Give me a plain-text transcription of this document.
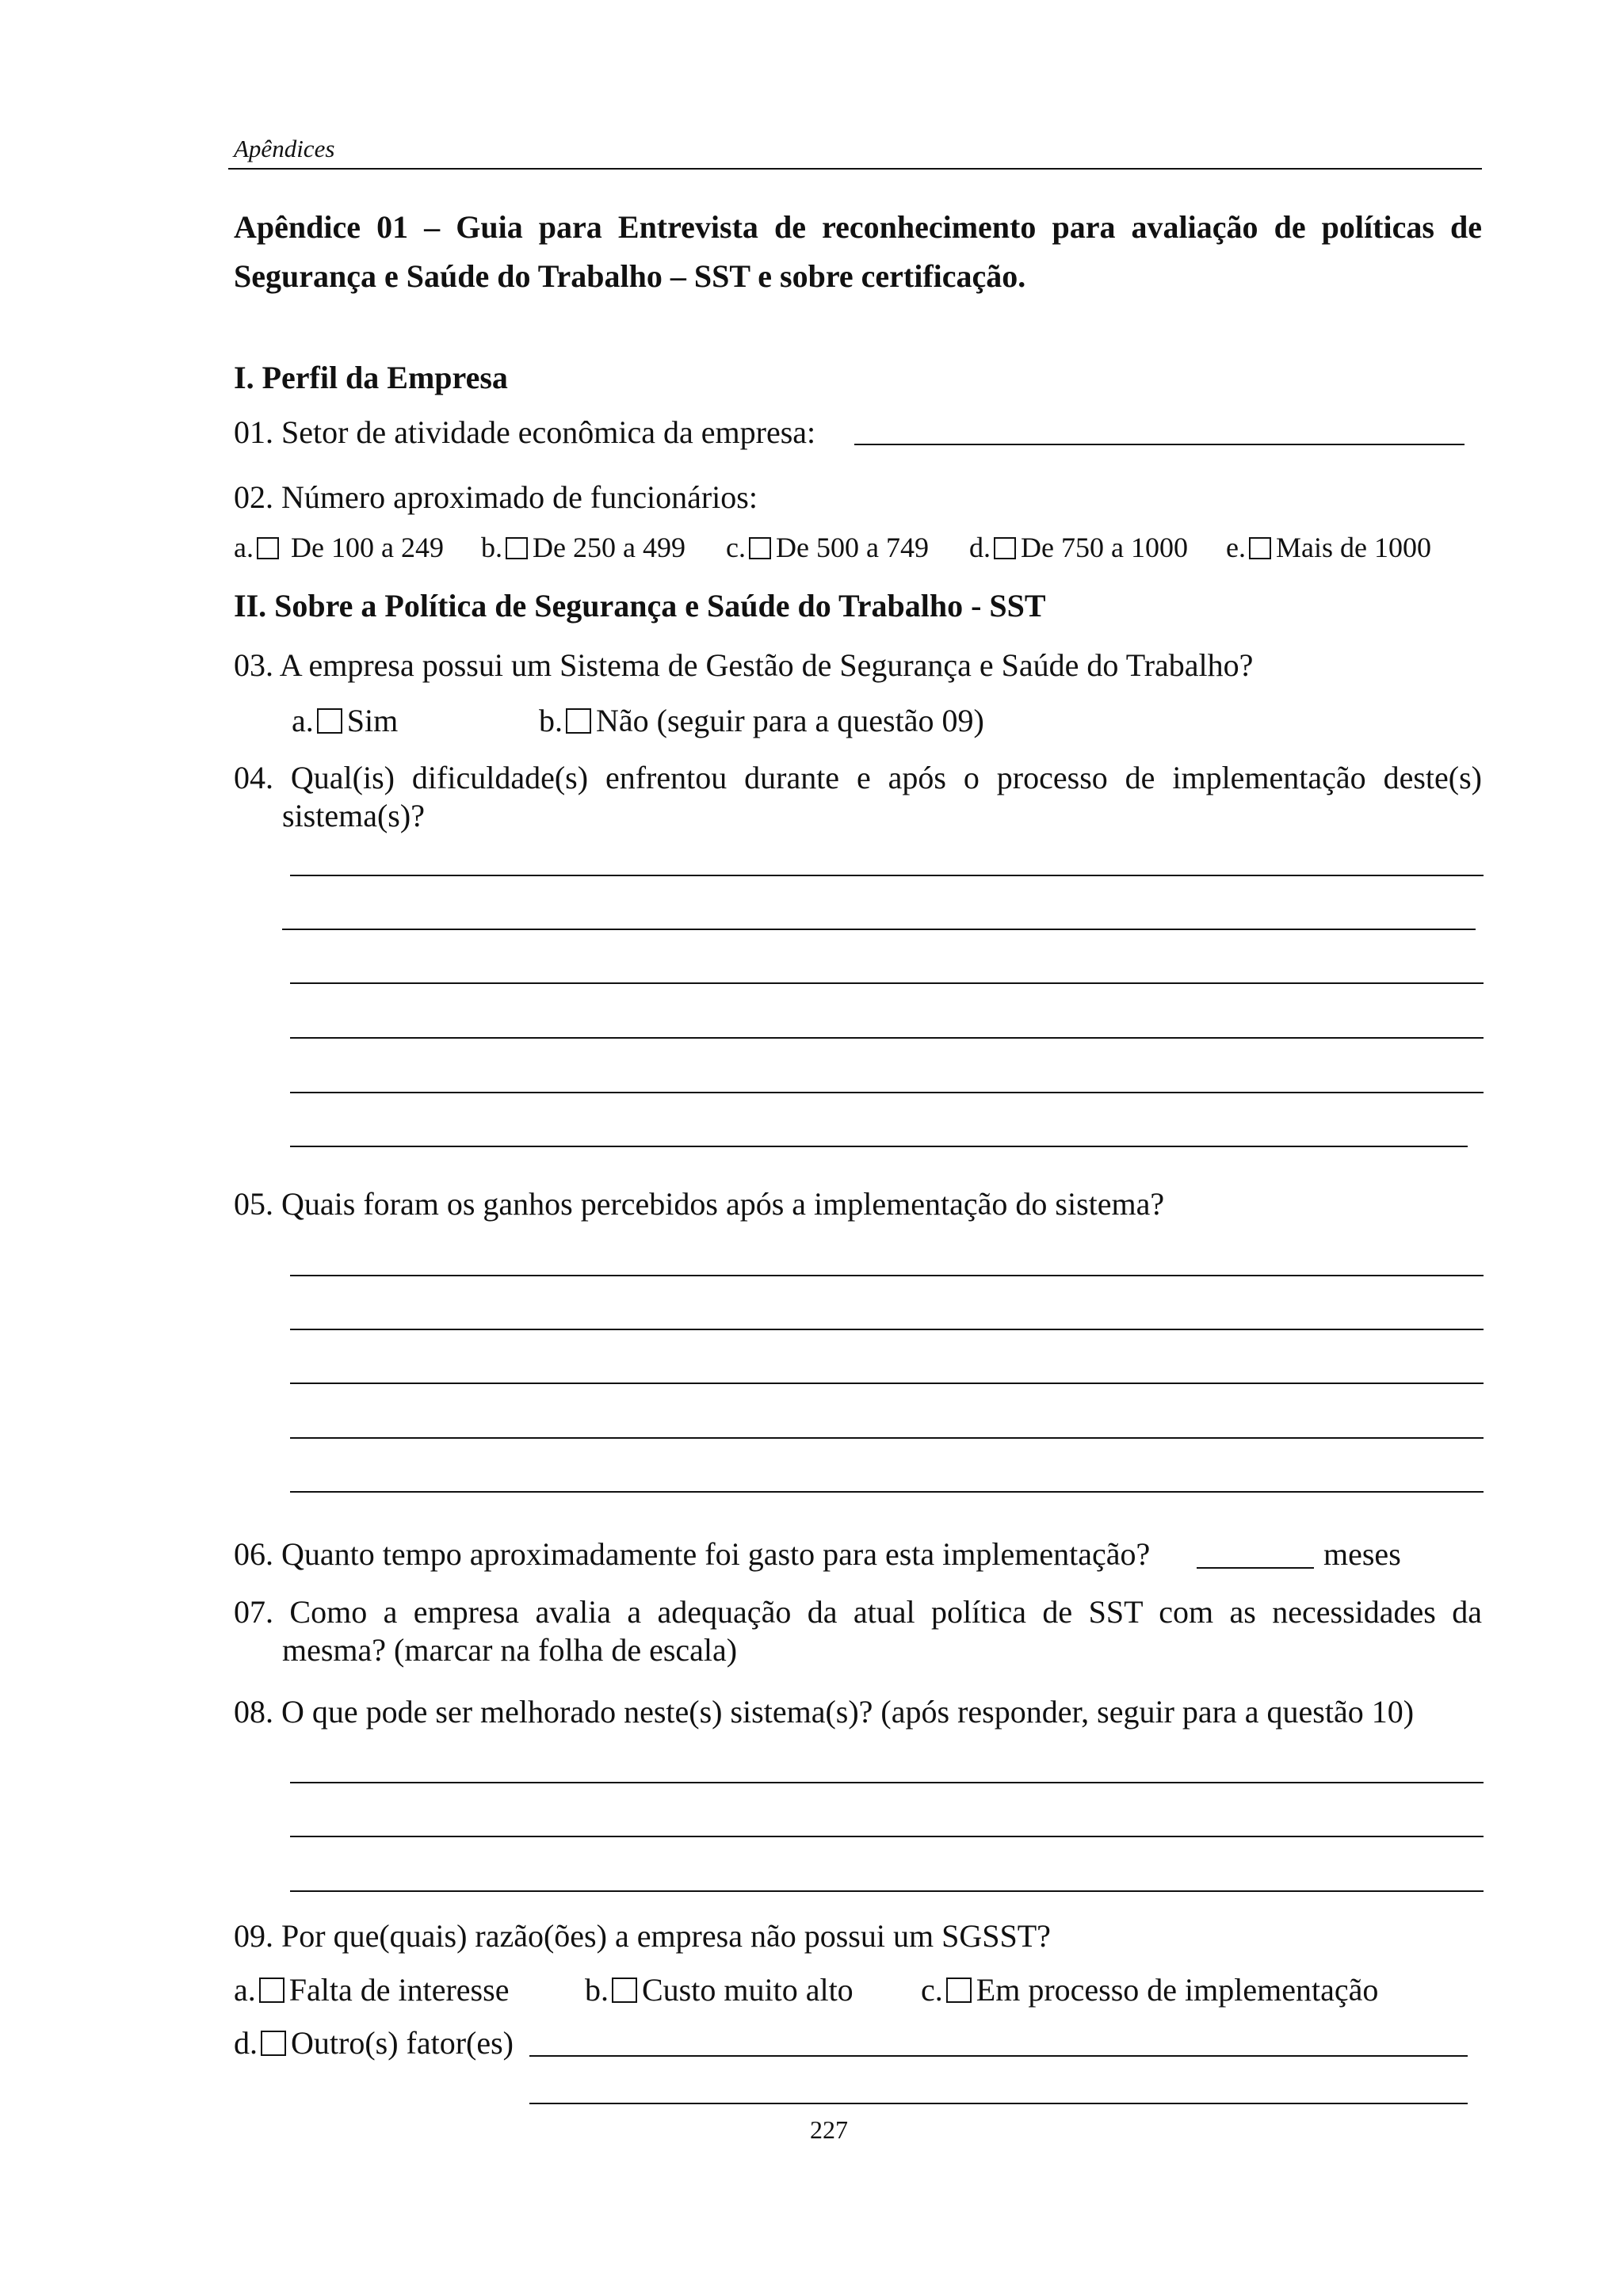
Apêndices
Apêndice 01 – Guia para Entrevista de reconhecimento para avaliação de políticas de Segurança e Saúde do Trabalho – SST e sobre certificação.
I. Perfil da Empresa
01. Setor de atividade econômica da empresa:
02. Número aproximado de funcionários:
a. De 100 a 249 b. De 250 a 499 c. De 500 a 749 d. De 750 a 1000 e. Mais de 1000
II. Sobre a Política de Segurança e Saúde do Trabalho - SST
03. A empresa possui um Sistema de Gestão de Segurança e Saúde do Trabalho?
a. Sim	b. Não (seguir para a questão 09)
04. Qual(is) dificuldade(s) enfrentou durante e após o processo de implementação deste(s)
sistema(s)?
05. Quais foram os ganhos percebidos após a implementação do sistema?
06. Quanto tempo aproximadamente foi gasto para esta implementação?	meses
07. Como a empresa avalia a adequação da atual política de SST com as necessidades da
mesma? (marcar na folha de escala)
08. O que pode ser melhorado neste(s) sistema(s)? (após responder, seguir para a questão 10)
09. Por que(quais) razão(ões) a empresa não possui um SGSST?
a. Falta de interesse b. Custo muito alto c. Em processo de implementação
d. Outro(s) fator(es)
227
